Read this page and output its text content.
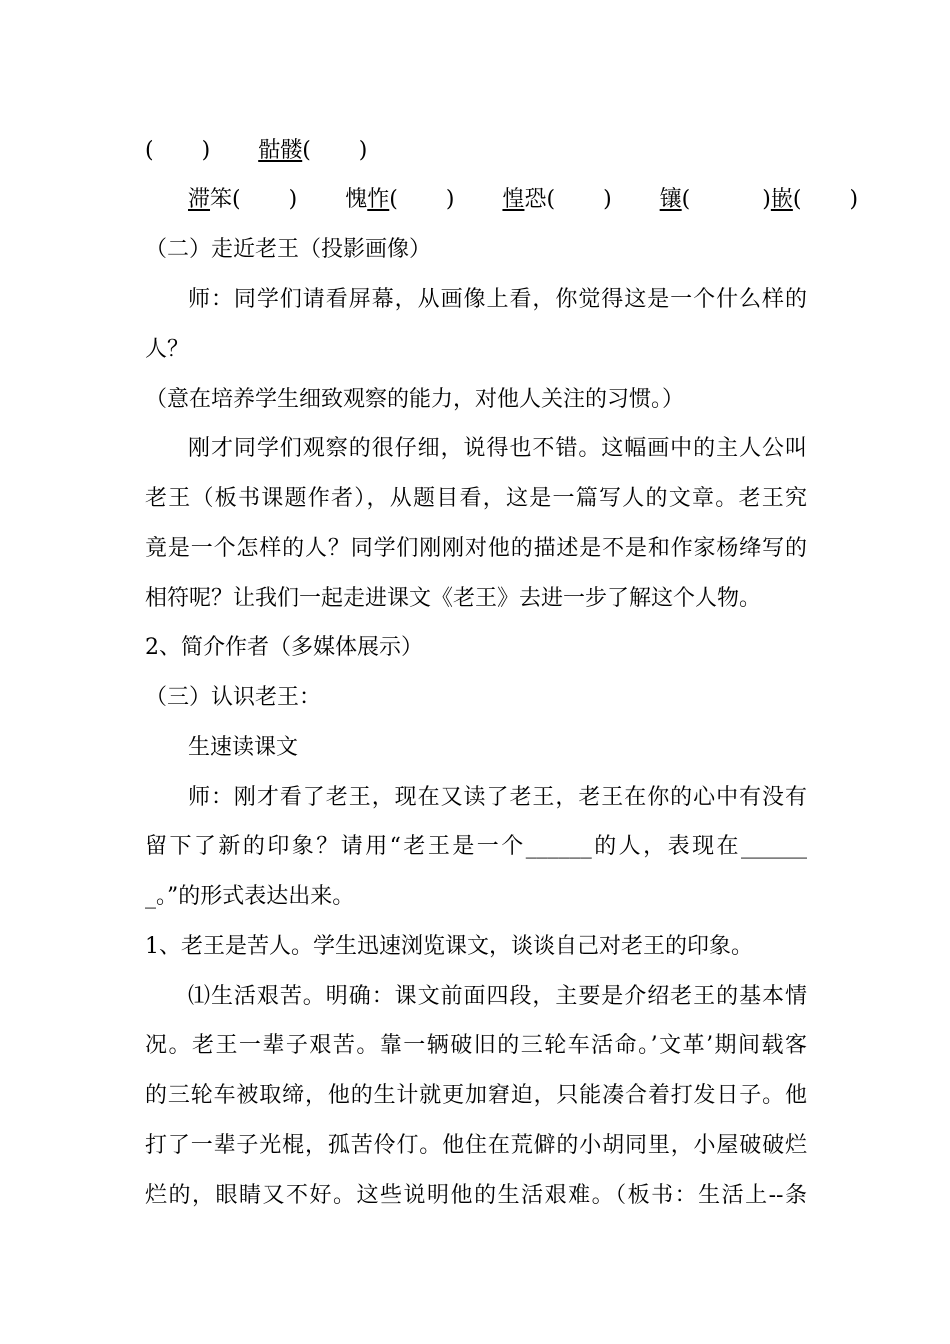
( ) 骷髅( )
滞笨( ) 愧怍( ) 惶恐( ) 镶(	)嵌( )
（二）走近老王（投影画像）
师：同学们请看屏幕，从画像上看，你觉得这是一个什么样的
人？
（意在培养学生细致观察的能力，对他人关注的习惯。）
刚才同学们观察的很仔细，说得也不错。这幅画中的主人公叫
老王（板书课题作者），从题目看，这是一篇写人的文章。老王究
竟是一个怎样的人？同学们刚刚对他的描述是不是和作家杨绛写的
相符呢？让我们一起走进课文《老王》去进一步了解这个人物。
2、简介作者（多媒体展示）
（三）认识老王：
生速读课文
师：刚才看了老王，现在又读了老王，老王在你的心中有没有
留下了新的印象？请用“老王是一个______的人，表现在______
_。”的形式表达出来。
1、老王是苦人。学生迅速浏览课文，谈谈自己对老王的印象。
⑴生活艰苦。明确：课文前面四段，主要是介绍老王的基本情
况。老王一辈子艰苦。靠一辆破旧的三轮车活命。’文革’期间载客
的三轮车被取缔，他的生计就更加窘迫，只能凑合着打发日子。他
打了一辈子光棍，孤苦伶仃。他住在荒僻的小胡同里，小屋破破烂
烂的，眼睛又不好。这些说明他的生活艰难。（板书：生活上--条
